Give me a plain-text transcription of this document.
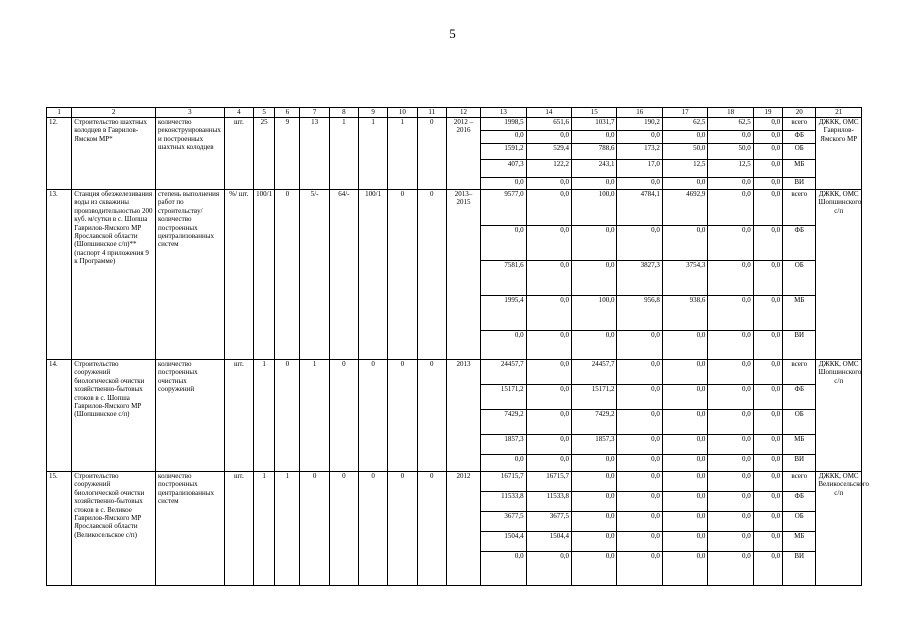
5
1	2	3	4	5	6	7	8	9	10	11	12	13	14	15	16	17	18	19	20	21
12.	Строительство шахтных колодцев в Гаврилов-Ямском МР*	количество реконструированных и построенных шахтных колодцев	шт.	25	9	13	1	1	1	0	2012 – 2016	1998,5	651,6	1031,7	190,2	62,5	62,5	0,0	всего	ДЖКК, ОМС Гаврилов-Ямского МР
												0,0	0,0	0,0	0,0	0,0	0,0	0,0	ФБ	
												1591,2	529,4	788,6	173,2	50,0	50,0	0,0	ОБ	
												407,3	122,2	243,1	17,0	12,5	12,5	0,0	МБ	
												0,0	0,0	0,0	0,0	0,0	0,0	0,0	ВИ	
13.	Станция обезжелезивания воды из скважины производительностью 200 куб. м/сутки в с. Шопша Гаврилов-Ямского МР Ярославской области (Шопшинское с/п)** (паспорт 4 приложения 9 к Программе)	степень выполнения работ по строительству/ количество построенных централизованных систем	%/ шт.	100/1	0	5/-	64/-	100/1	0	0	2013– 2015	9577,0	0,0	100,0	4784,1	4692,9	0,0	0,0	всего	ДЖКК, ОМС Шопшинского с/п
												0,0	0,0	0,0	0,0	0,0	0,0	0,0	ФБ	
												7581,6	0,0	0,0	3827,3	3754,3	0,0	0,0	ОБ	
												1995,4	0,0	100,0	956,8	938,6	0,0	0,0	МБ	
												0,0	0,0	0,0	0,0	0,0	0,0	0,0	ВИ	
14.	Строительство сооружений биологической очистки хозяйственно-бытовых стоков в с. Шопша Гаврилов-Ямского МР (Шопшинское с/п)	количество построенных очистных сооружений	шт.	1	0	1	0	0	0	0	2013	24457,7	0,0	24457,7	0,0	0,0	0,0	0,0	всего	ДЖКК, ОМС Шопшинского с/п
												15171,2	0,0	15171,2	0,0	0,0	0,0	0,0	ФБ	
												7429,2	0,0	7429,2	0,0	0,0	0,0	0,0	ОБ	
												1857,3	0,0	1857,3	0,0	0,0	0,0	0,0	МБ	
												0,0	0,0	0,0	0,0	0,0	0,0	0,0	ВИ	
15.	Строительство сооружений биологической очистки хозяйственно-бытовых стоков в с. Великое Гаврилов-Ямского МР Ярославской области (Великосельское с/п)	количество построенных централизованных систем	шт.	1	1	0	0	0	0	0	2012	16715,7	16715,7	0,0	0,0	0,0	0,0	0,0	всего	ДЖКК, ОМС Великосельского с/п
												11533,8	11533,8	0,0	0,0	0,0	0,0	0,0	ФБ	
												3677,5	3677,5	0,0	0,0	0,0	0,0	0,0	ОБ	
												1504,4	1504,4	0,0	0,0	0,0	0,0	0,0	МБ	
												0,0	0,0	0,0	0,0	0,0	0,0	0,0	ВИ	
